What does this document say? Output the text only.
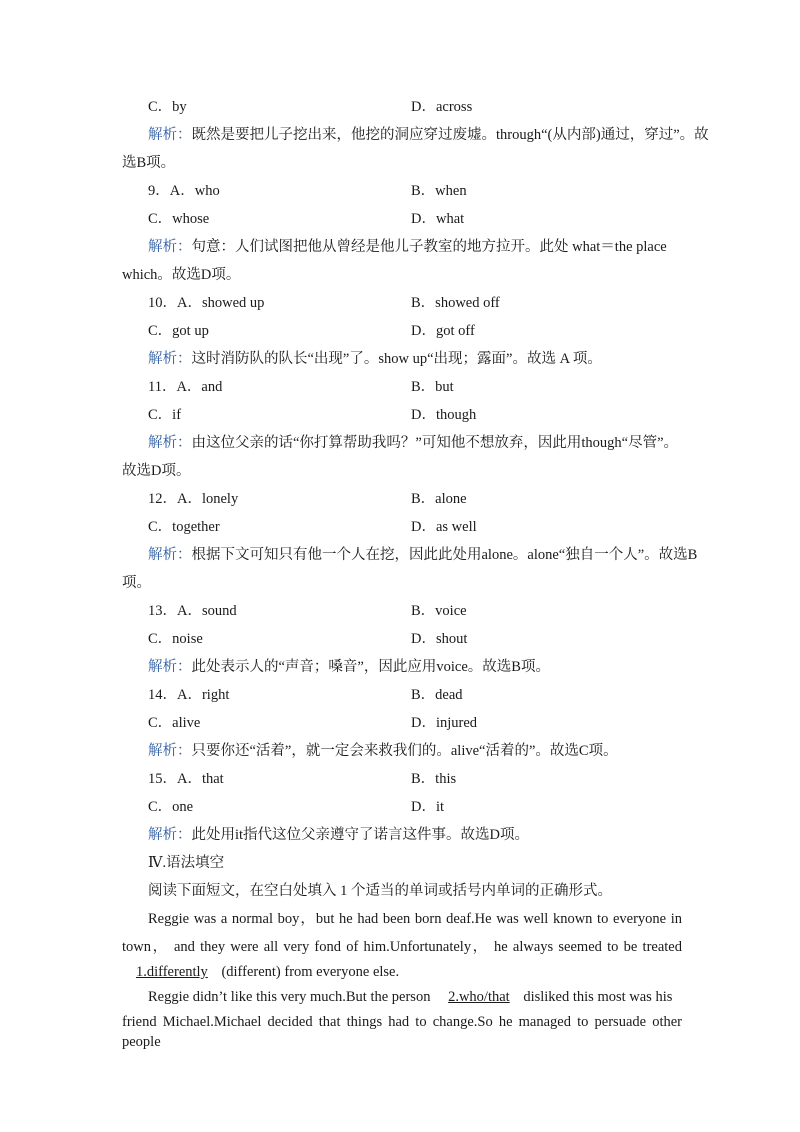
C．by	D．across
解析：既然是要把儿子挖出来，他挖的洞应穿过废墟。through“(从内部)通过，穿过”。故
选B项。
9．A．who	B．when
C．whose	D．what
解析：句意：人们试图把他从曾经是他儿子教室的地方拉开。此处 what＝the place
which。故选D项。
10．A．showed up	B．showed off
C．got up	D．got off
解析：这时消防队的队长“出现”了。show up“出现；露面”。故选 A 项。
11．A．and	B．but
C．if	D．though
解析：由这位父亲的话“你打算帮助我吗？”可知他不想放弃，因此用though“尽管”。
故选D项。
12．A．lonely	B．alone
C．together	D．as well
解析：根据下文可知只有他一个人在挖，因此此处用alone。alone“独自一个人”。故选B
项。
13．A．sound	B．voice
C．noise	D．shout
解析：此处表示人的“声音；嗓音”，因此应用voice。故选B项。
14．A．right	B．dead
C．alive	D．injured
解析：只要你还“活着”，就一定会来救我们的。alive“活着的”。故选C项。
15．A．that	B．this
C．one	D．it
解析：此处用it指代这位父亲遵守了诺言这件事。故选D项。
Ⅳ.语法填空
阅读下面短文，在空白处填入 1 个适当的单词或括号内单词的正确形式。
Reggie was a normal boy，but he had been born deaf.He was well known to everyone in
town， and they were all very fond of him.Unfortunately， he always seemed to be treated
1.differently (different) from everyone else.
Reggie didn’t like this very much.But the person 2.who/that disliked this most was his
friend Michael.Michael decided that things had to change.So he managed to persuade other people
